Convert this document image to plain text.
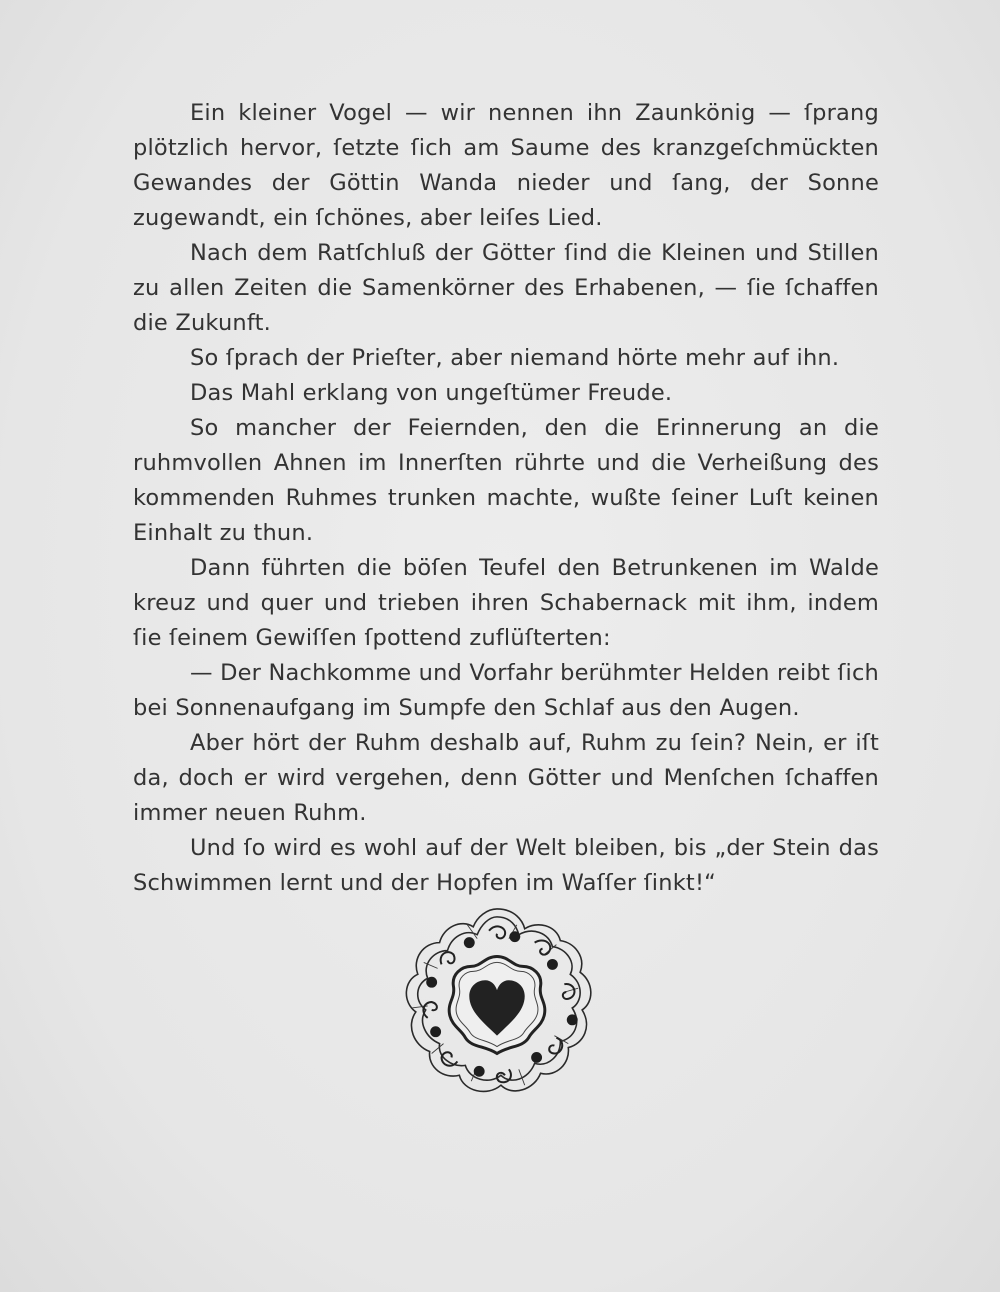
Ein kleiner Vogel — wir nennen ihn Zaunkönig — ſprang plötzlich hervor, ſetzte ſich am Saume des kranzgeſchmückten Gewandes der Göttin Wanda nieder und ſang, der Sonne zugewandt, ein ſchönes, aber leiſes Lied.

Nach dem Ratſchluß der Götter ſind die Kleinen und Stillen zu allen Zeiten die Samenkörner des Erhabenen, — ſie ſchaffen die Zukunft.

So ſprach der Prieſter, aber niemand hörte mehr auf ihn.

Das Mahl erklang von ungeſtümer Freude.

So mancher der Feiernden, den die Erinnerung an die ruhmvollen Ahnen im Innerſten rührte und die Verheißung des kommenden Ruhmes trunken machte, wußte ſeiner Luſt keinen Einhalt zu thun.

Dann führten die böſen Teufel den Betrunkenen im Walde kreuz und quer und trieben ihren Schabernack mit ihm, indem ſie ſeinem Gewiſſen ſpottend zuflüſterten:

— Der Nachkomme und Vorfahr berühmter Helden reibt ſich bei Sonnenaufgang im Sumpfe den Schlaf aus den Augen.

Aber hört der Ruhm deshalb auf, Ruhm zu ſein? Nein, er iſt da, doch er wird vergehen, denn Götter und Menſchen ſchaffen immer neuen Ruhm.

Und ſo wird es wohl auf der Welt bleiben, bis „der Stein das Schwimmen lernt und der Hopfen im Waſſer ſinkt!“
